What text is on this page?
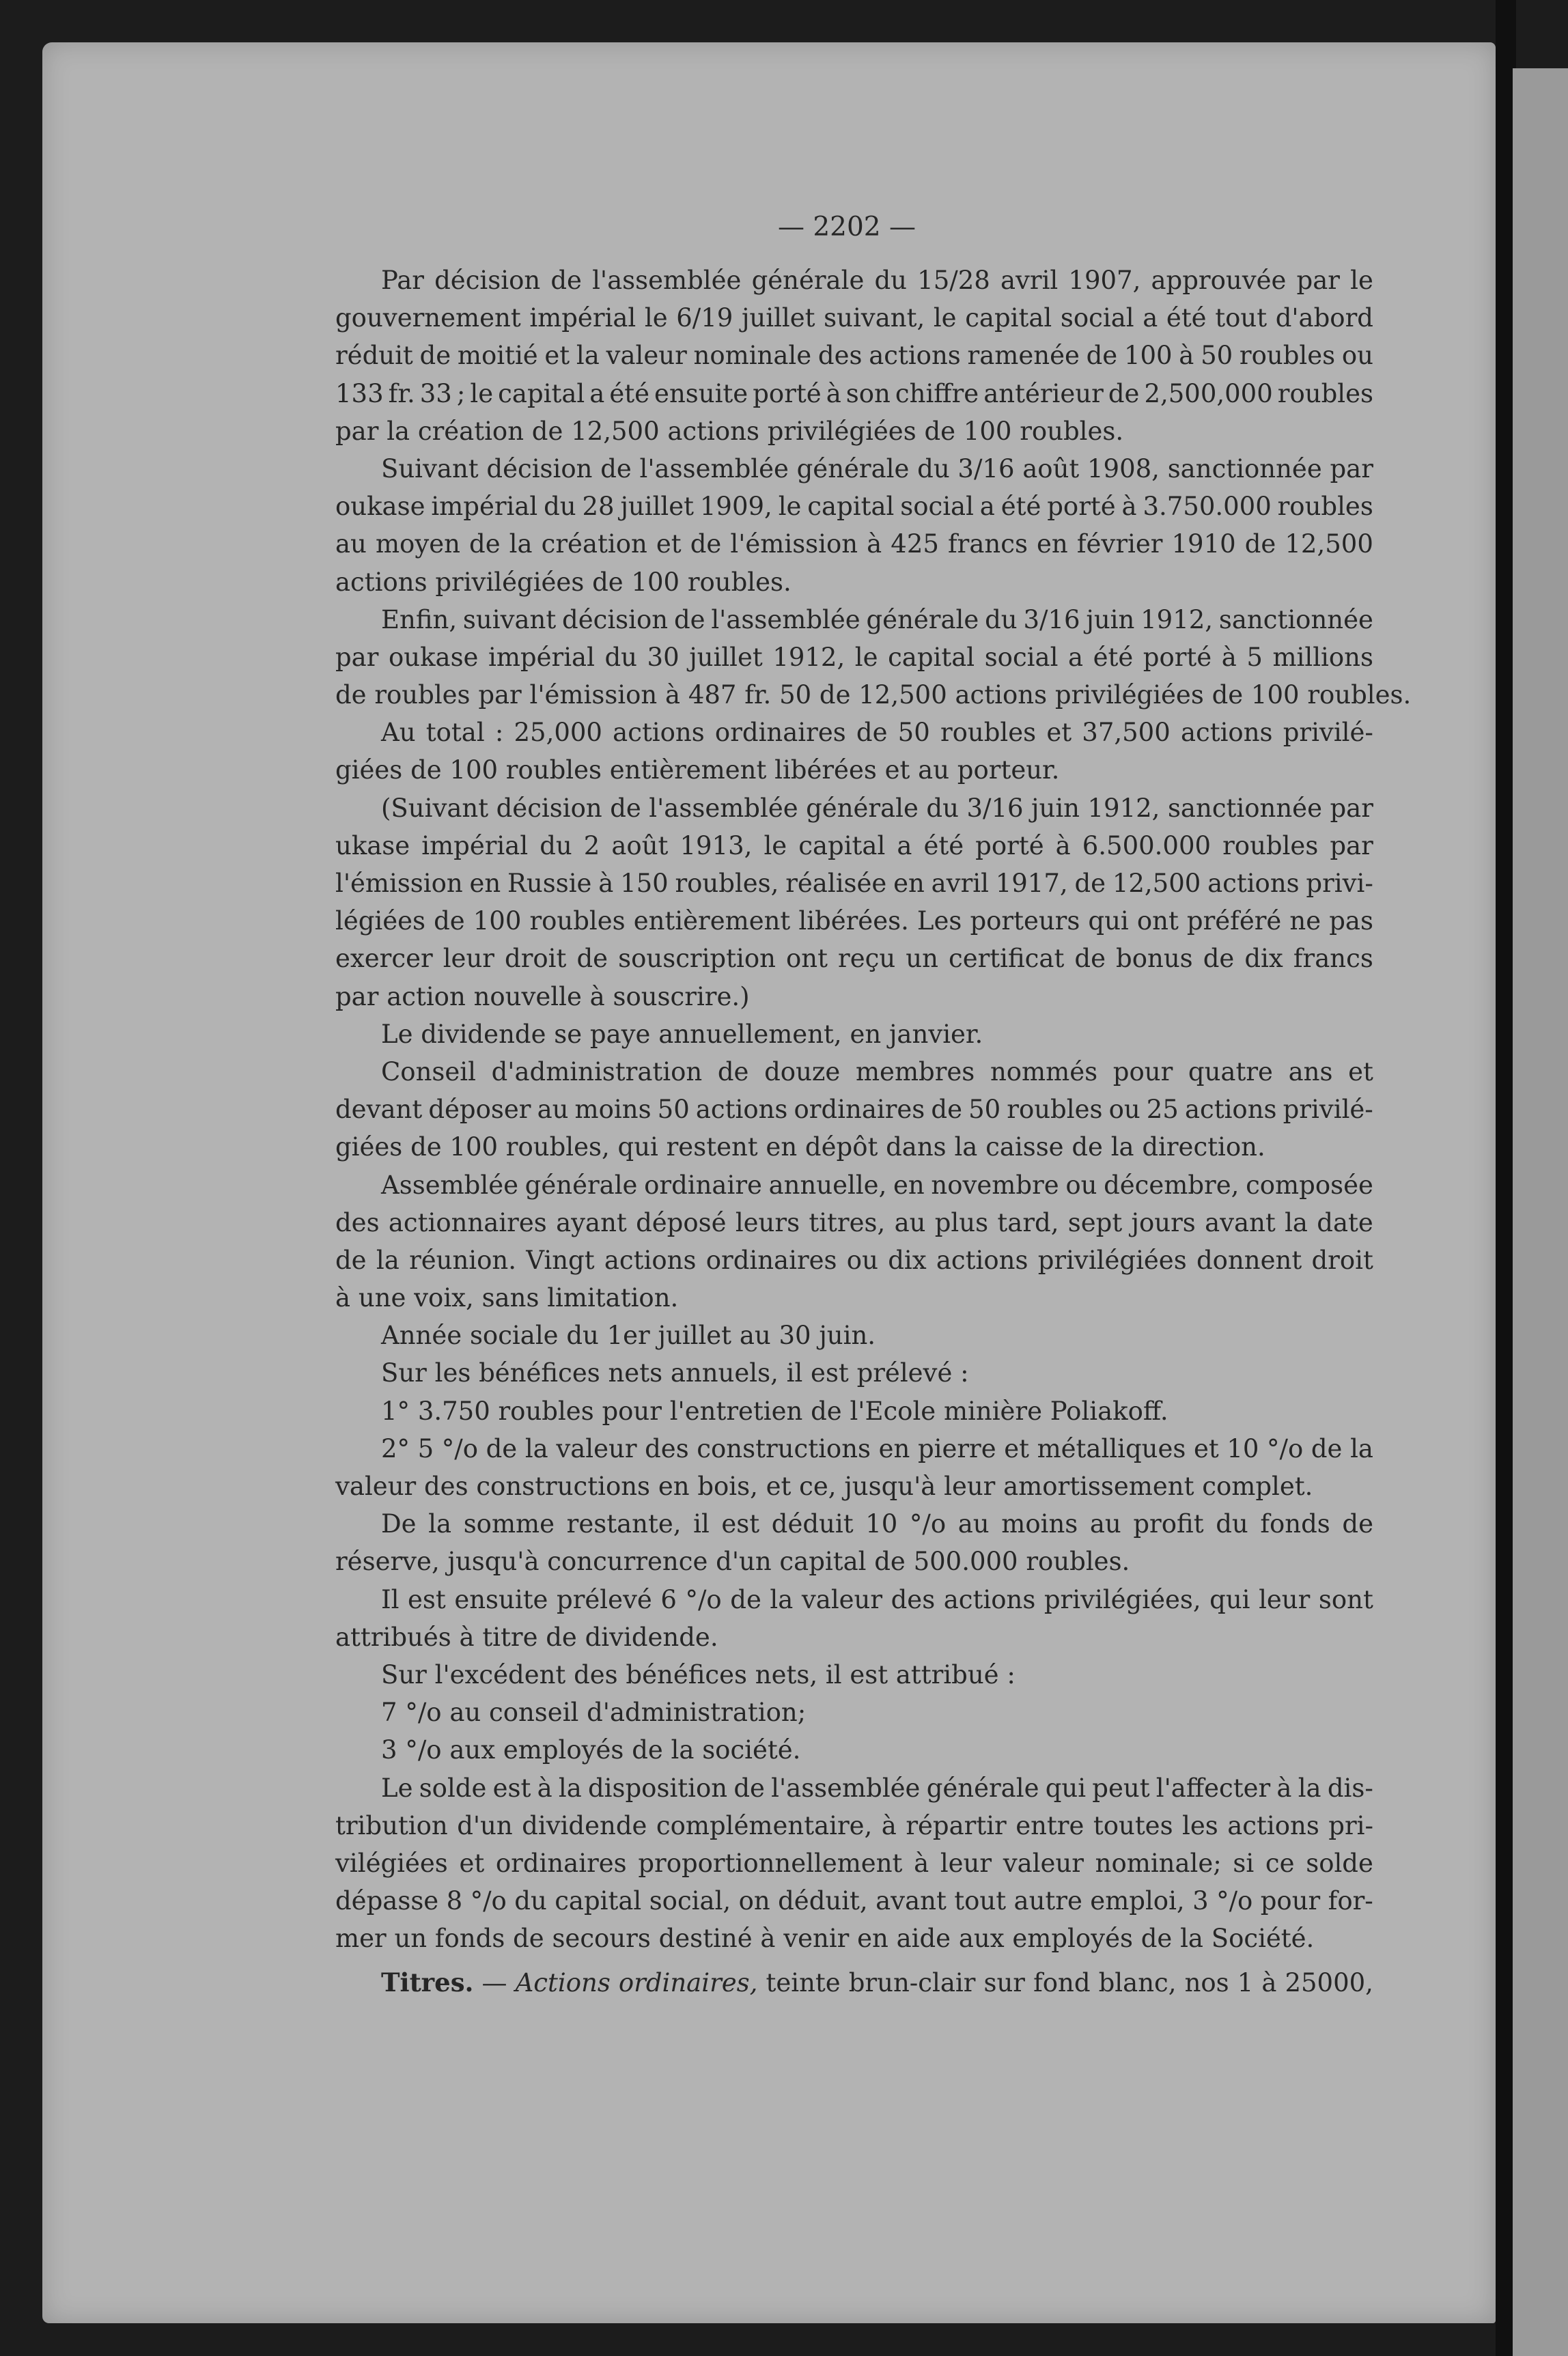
— 2202 —
Par décision de l'assemblée générale du 15/28 avril 1907, approuvée par le
gouvernement impérial le 6/19 juillet suivant, le capital social a été tout d'abord
réduit de moitié et la valeur nominale des actions ramenée de 100 à 50 roubles ou
133 fr. 33 ; le capital a été ensuite porté à son chiffre antérieur de 2,500,000 roubles
par la création de 12,500 actions privilégiées de 100 roubles.
Suivant décision de l'assemblée générale du 3/16 août 1908, sanctionnée par
oukase impérial du 28 juillet 1909, le capital social a été porté à 3.750.000 roubles
au moyen de la création et de l'émission à 425 francs en février 1910 de 12,500
actions privilégiées de 100 roubles.
Enfin, suivant décision de l'assemblée générale du 3/16 juin 1912, sanctionnée
par oukase impérial du 30 juillet 1912, le capital social a été porté à 5 millions
de roubles par l'émission à 487 fr. 50 de 12,500 actions privilégiées de 100 roubles.
Au total : 25,000 actions ordinaires de 50 roubles et 37,500 actions privilé-
giées de 100 roubles entièrement libérées et au porteur.
(Suivant décision de l'assemblée générale du 3/16 juin 1912, sanctionnée par
ukase impérial du 2 août 1913, le capital a été porté à 6.500.000 roubles par
l'émission en Russie à 150 roubles, réalisée en avril 1917, de 12,500 actions privi-
légiées de 100 roubles entièrement libérées. Les porteurs qui ont préféré ne pas
exercer leur droit de souscription ont reçu un certificat de bonus de dix francs
par action nouvelle à souscrire.)
Le dividende se paye annuellement, en janvier.
Conseil d'administration de douze membres nommés pour quatre ans et
devant déposer au moins 50 actions ordinaires de 50 roubles ou 25 actions privilé-
giées de 100 roubles, qui restent en dépôt dans la caisse de la direction.
Assemblée générale ordinaire annuelle, en novembre ou décembre, composée
des actionnaires ayant déposé leurs titres, au plus tard, sept jours avant la date
de la réunion. Vingt actions ordinaires ou dix actions privilégiées donnent droit
à une voix, sans limitation.
Année sociale du 1er juillet au 30 juin.
Sur les bénéfices nets annuels, il est prélevé :
1° 3.750 roubles pour l'entretien de l'Ecole minière Poliakoff.
2° 5 °/o de la valeur des constructions en pierre et métalliques et 10 °/o de la
valeur des constructions en bois, et ce, jusqu'à leur amortissement complet.
De la somme restante, il est déduit 10 °/o au moins au profit du fonds de
réserve, jusqu'à concurrence d'un capital de 500.000 roubles.
Il est ensuite prélevé 6 °/o de la valeur des actions privilégiées, qui leur sont
attribués à titre de dividende.
Sur l'excédent des bénéfices nets, il est attribué :
7 °/o au conseil d'administration;
3 °/o aux employés de la société.
Le solde est à la disposition de l'assemblée générale qui peut l'affecter à la dis-
tribution d'un dividende complémentaire, à répartir entre toutes les actions pri-
vilégiées et ordinaires proportionnellement à leur valeur nominale; si ce solde
dépasse 8 °/o du capital social, on déduit, avant tout autre emploi, 3 °/o pour for-
mer un fonds de secours destiné à venir en aide aux employés de la Société.
Titres. — Actions ordinaires, teinte brun-clair sur fond blanc, nos 1 à 25000,
